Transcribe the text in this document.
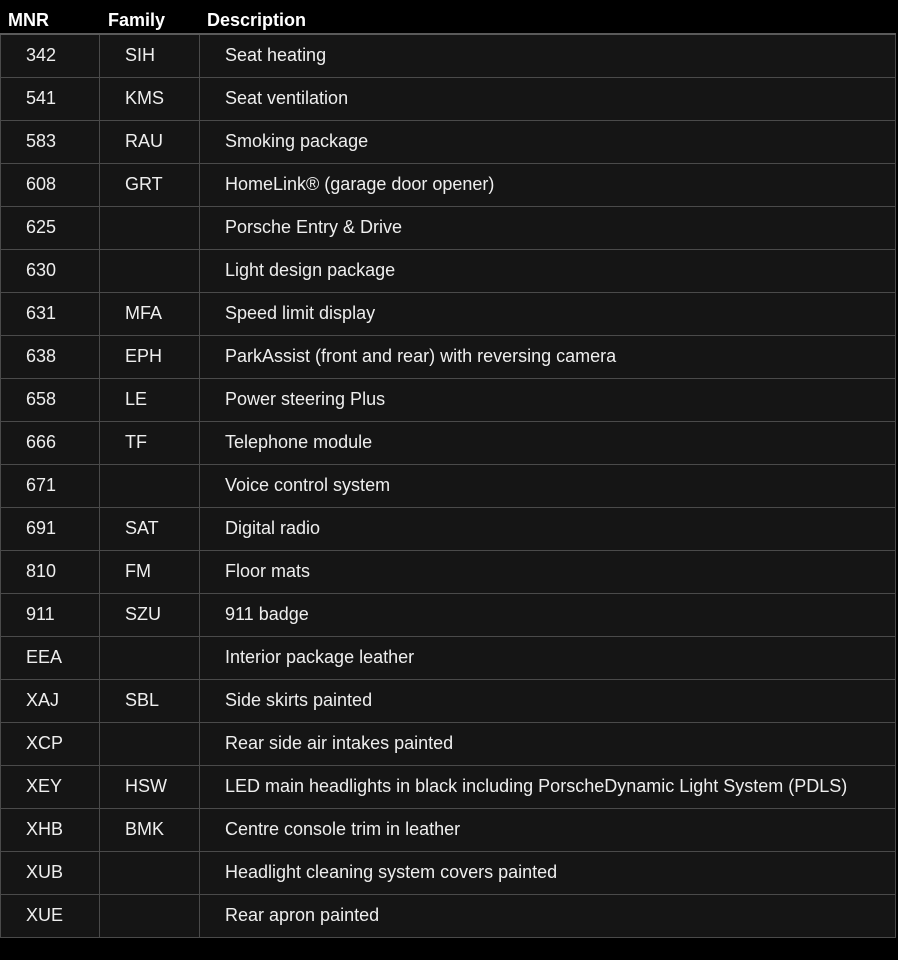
MNR	Family Description
342	SIH	Seat heating
541	KMS	Seat ventilation
583	RAU	Smoking package
608	GRT	HomeLink® (garage door opener)
625		Porsche Entry & Drive
630		Light design package
631	MFA	Speed limit display
638	EPH	ParkAssist (front and rear) with reversing camera
658	LE	Power steering Plus
666	TF	Telephone module
671		Voice control system
691	SAT	Digital radio
810	FM	Floor mats
911	SZU	911 badge
EEA		Interior package leather
XAJ	SBL	Side skirts painted
XCP		Rear side air intakes painted
XEY	HSW	LED main headlights in black including PorscheDynamic Light System (PDLS)
XHB	BMK	Centre console trim in leather
XUB		Headlight cleaning system covers painted
XUE		Rear apron painted
